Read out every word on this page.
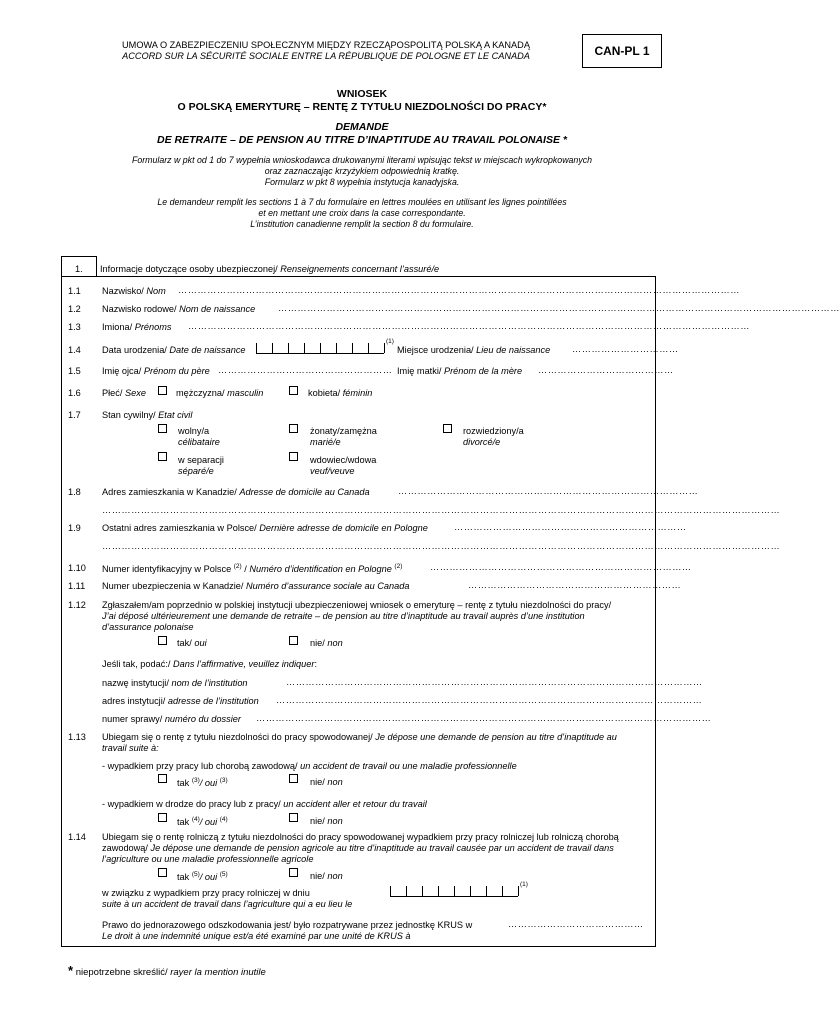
UMOWA O ZABEZPIECZENIU SPOŁECZNYM MIĘDZY RZECZĄPOSPOLITĄ POLSKĄ A KANADĄ
ACCORD SUR LA SÉCURITÉ SOCIALE ENTRE LA RÉPUBLIQUE DE POLOGNE ET LE CANADA	CAN-PL 1
WNIOSEK
O POLSKĄ EMERYTURĘ – RENTĘ Z TYTUŁU NIEZDOLNOŚCI DO PRACY*
DEMANDE
DE RETRAITE – DE PENSION AU TITRE D’INAPTITUDE AU TRAVAIL POLONAISE *
Formularz w pkt od 1 do 7 wypełnia wnioskodawca drukowanymi literami wpisując tekst w miejscach wykropkowanych
oraz zaznaczając krzyżykiem odpowiednią kratkę.
Formularz w pkt 8 wypełnia instytucja kanadyjska.
Le demandeur remplit les sections 1 à 7 du formulaire en lettres moulées en utilisant les lignes pointillées
et en mettant une croix dans la case correspondante.
L’institution canadienne remplit la section 8 du formulaire.
1. Informacje dotyczące osoby ubezpieczonej/ Renseignements concernant l’assuré/e
1.1 Nazwisko/ Nom …………………………………………………………………………………………………………………………………………………………
1.2 Nazwisko rodowe/ Nom de naissance …………………………………………………………………………………………………………………………………………………………
1.3 Imiona/ Prénoms …………………………………………………………………………………………………………………………………………………………
1.4 Data urodzenia/ Date de naissance
(1)
Miejsce urodzenia/ Lieu de naissance ……………………………
1.5 Imię ojca/ Prénom du père ……………………………………………… Imię matki/ Prénom de la mère ……………………………………
1.6 Płeć/ Sexe	mężczyzna/ masculin	kobieta/ féminin
1.7 Stan cywilny/ Etat civil
wolny/a
célibataire
żonaty/zamężna
marié/e
rozwiedziony/a
divorcé/e
w separacji
séparé/e
wdowiec/wdowa
veuf/veuve
1.8 Adres zamieszkania w Kanadzie/ Adresse de domicile au Canada	…………………………………………………………………………………
…………………………………………………………………………………………………………………………………………………………………………………………
1.9 Ostatni adres zamieszkania w Polsce/ Dernière adresse de domicile en Pologne	………………………………………………………………
…………………………………………………………………………………………………………………………………………………………………………………………
1.10 Numer identyfikacyjny w Polsce $^{(2)}$ / Numéro d’identification en Pologne $^{(2)}$	………………………………………………………………………
1.11 Numer ubezpieczenia w Kanadzie/ Numéro d’assurance sociale au Canada	…………………………………………………………
1.12 Zgłaszałem/am poprzednio w polskiej instytucji ubezpieczeniowej wniosek o emeryturę – rentę z tytułu niezdolności do pracy/
J’ai déposé ultérieurement une demande de retraite – de pension au titre d’inaptitude au travail auprès d’une institution
d’assurance polonaise
tak/ oui	nie/ non
Jeśli tak, podać:/ Dans l’affirmative, veuillez indiquer:
nazwę instytucji/ nom de l’institution	…………………………………………………………………………………………………………………
adres instytucji/ adresse de l’institution ……………………………………………………………………………………………………………………
numer sprawy/ numéro du dossier ……………………………………………………………………………………………………………………………
1.13 Ubiegam się o rentę z tytułu niezdolności do pracy spowodowanej/ Je dépose une demande de pension au titre d’inaptitude au
travail suite à:
- wypadkiem przy pracy lub chorobą zawodową/ un accident de travail ou une maladie professionnelle
tak $^{(3)}$/ oui $^{(3)}$	nie/ non
- wypadkiem w drodze do pracy lub z pracy/ un accident aller et retour du travail
tak $^{(4)}$/ oui $^{(4)}$	nie/ non
1.14 Ubiegam się o rentę rolniczą z tytułu niezdolności do pracy spowodowanej wypadkiem przy pracy rolniczej lub rolniczą chorobą
zawodową/ Je dépose une demande de pension agricole au titre d’inaptitude au travail causée par un accident de travail dans
l’agriculture ou une maladie professionnelle agricole
tak $^{(5)}$/ oui $^{(5)}$	nie/ non
w związku z wypadkiem przy pracy rolniczej w dniu
suite à un accident de travail dans l’agriculture qui a eu lieu le
(1)
Prawo do jednorazowego odszkodowania jest/ było rozpatrywane przez jednostkę KRUS w
Le droit à une indemnité unique est/a été examiné par une unité de KRUS à
……………………………………
* niepotrzebne skreślić/ rayer la mention inutile
